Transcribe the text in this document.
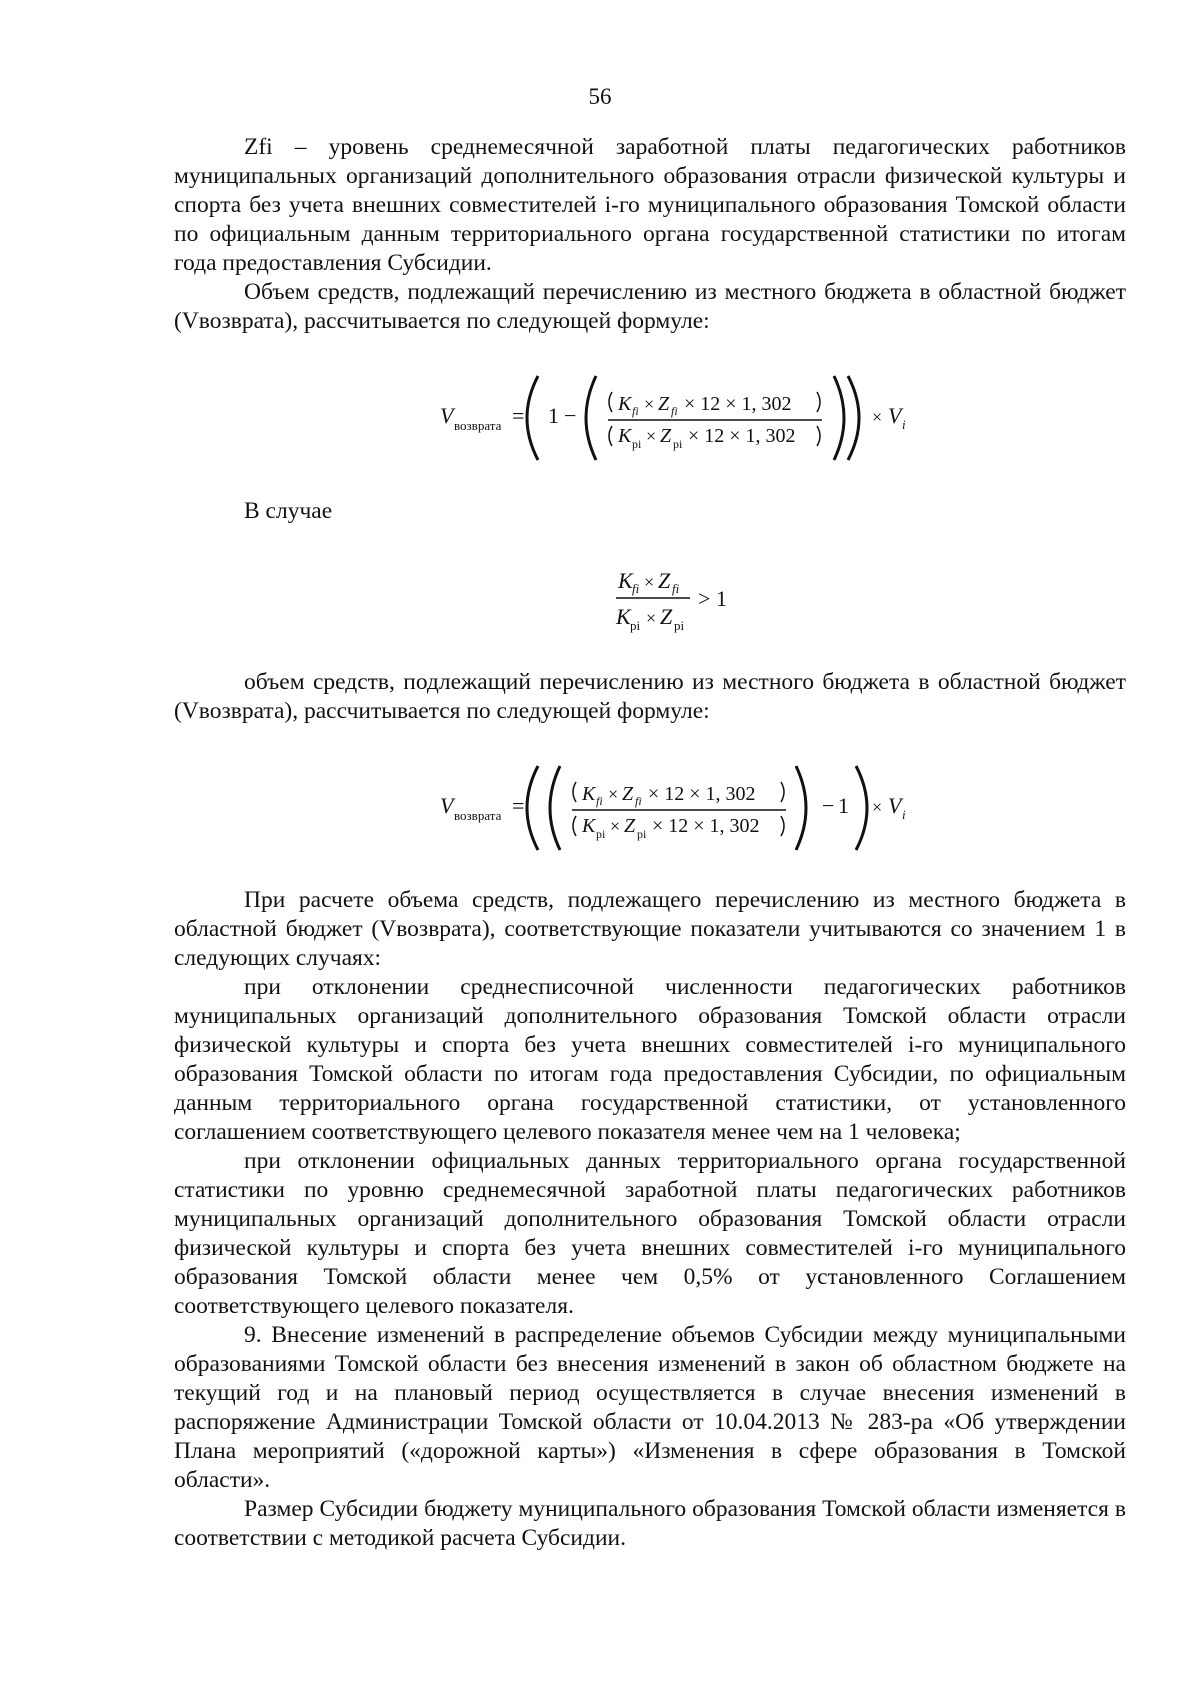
56

Zfi – уровень среднемесячной заработной платы педагогических работников муниципальных организаций дополнительного образования отрасли физической культуры и спорта без учета внешних совместителей i-го муниципального образования Томской области по официальным данным территориального органа государственной статистики по итогам года предоставления Субсидии.

Объем средств, подлежащий перечислению из местного бюджета в областной бюджет (Vвозврата), рассчитывается по следующей формуле:

V возврата = 1 − K fi × Z fi × 12 × 1, 302
K pi × Z pi × 12 × 1, 302
× V i

В случае

K fi × Z fi
K pi × Z pi
> 1

объем средств, подлежащий перечислению из местного бюджета в областной бюджет (Vвозврата), рассчитывается по следующей формуле:

V возврата =	K fi × Z fi × 12 × 1, 302
K pi × Z pi × 12 × 1, 302
− 1 × V i

При расчете объема средств, подлежащего перечислению из местного бюджета в областной бюджет (Vвозврата), соответствующие показатели учитываются со значением 1 в следующих случаях:

при отклонении среднесписочной численности педагогических работников муниципальных организаций дополнительного образования Томской области отрасли физической культуры и спорта без учета внешних совместителей i-го муниципального образования Томской области по итогам года предоставления Субсидии, по официальным данным территориального органа государственной статистики, от установленного соглашением соответствующего целевого показателя менее чем на 1 человека;

при отклонении официальных данных территориального органа государственной статистики по уровню среднемесячной заработной платы педагогических работников муниципальных организаций дополнительного образования Томской области отрасли физической культуры и спорта без учета внешних совместителей i-го муниципального образования Томской области менее чем 0,5% от установленного Соглашением соответствующего целевого показателя.

9. Внесение изменений в распределение объемов Субсидии между муниципальными образованиями Томской области без внесения изменений в закон об областном бюджете на текущий год и на плановый период осуществляется в случае внесения изменений в распоряжение Администрации Томской области от 10.04.2013 № 283-ра «Об утверждении Плана мероприятий («дорожной карты») «Изменения в сфере образования в Томской области».

Размер Субсидии бюджету муниципального образования Томской области изменяется в соответствии с методикой расчета Субсидии.
